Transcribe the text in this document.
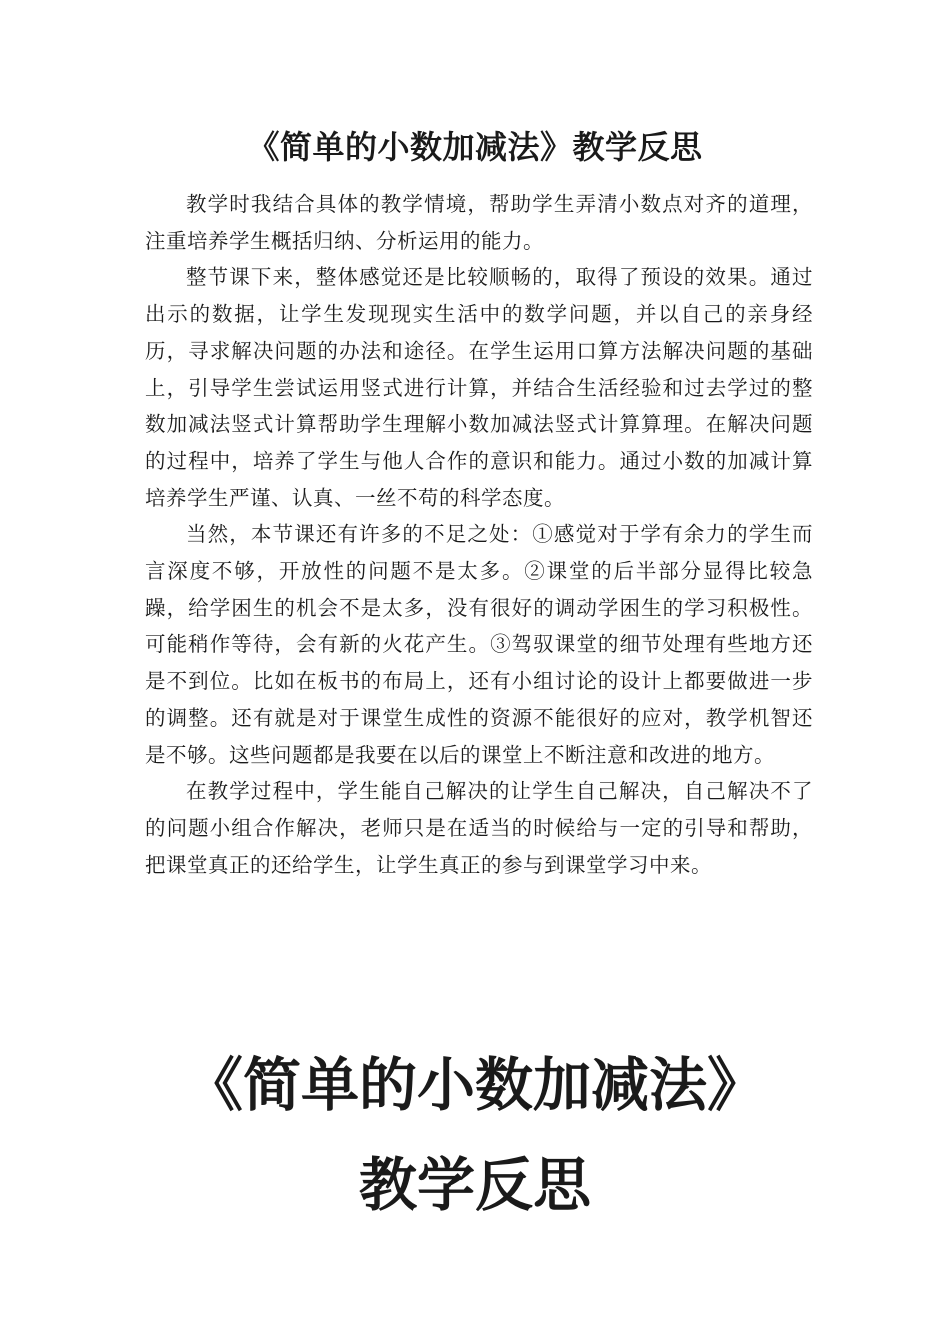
《简单的小数加减法》教学反思

教学时我结合具体的教学情境，帮助学生弄清小数点对齐的道理，注重培养学生概括归纳、分析运用的能力。

整节课下来，整体感觉还是比较顺畅的，取得了预设的效果。通过出示的数据，让学生发现现实生活中的数学问题，并以自己的亲身经历，寻求解决问题的办法和途径。在学生运用口算方法解决问题的基础上，引导学生尝试运用竖式进行计算，并结合生活经验和过去学过的整数加减法竖式计算帮助学生理解小数加减法竖式计算算理。在解决问题的过程中，培养了学生与他人合作的意识和能力。通过小数的加减计算培养学生严谨、认真、一丝不苟的科学态度。

当然，本节课还有许多的不足之处：①感觉对于学有余力的学生而言深度不够，开放性的问题不是太多。②课堂的后半部分显得比较急躁，给学困生的机会不是太多，没有很好的调动学困生的学习积极性。可能稍作等待，会有新的火花产生。③驾驭课堂的细节处理有些地方还是不到位。比如在板书的布局上，还有小组讨论的设计上都要做进一步的调整。还有就是对于课堂生成性的资源不能很好的应对，教学机智还是不够。这些问题都是我要在以后的课堂上不断注意和改进的地方。

在教学过程中，学生能自己解决的让学生自己解决，自己解决不了的问题小组合作解决，老师只是在适当的时候给与一定的引导和帮助，把课堂真正的还给学生，让学生真正的参与到课堂学习中来。

《简单的小数加减法》
教学反思
